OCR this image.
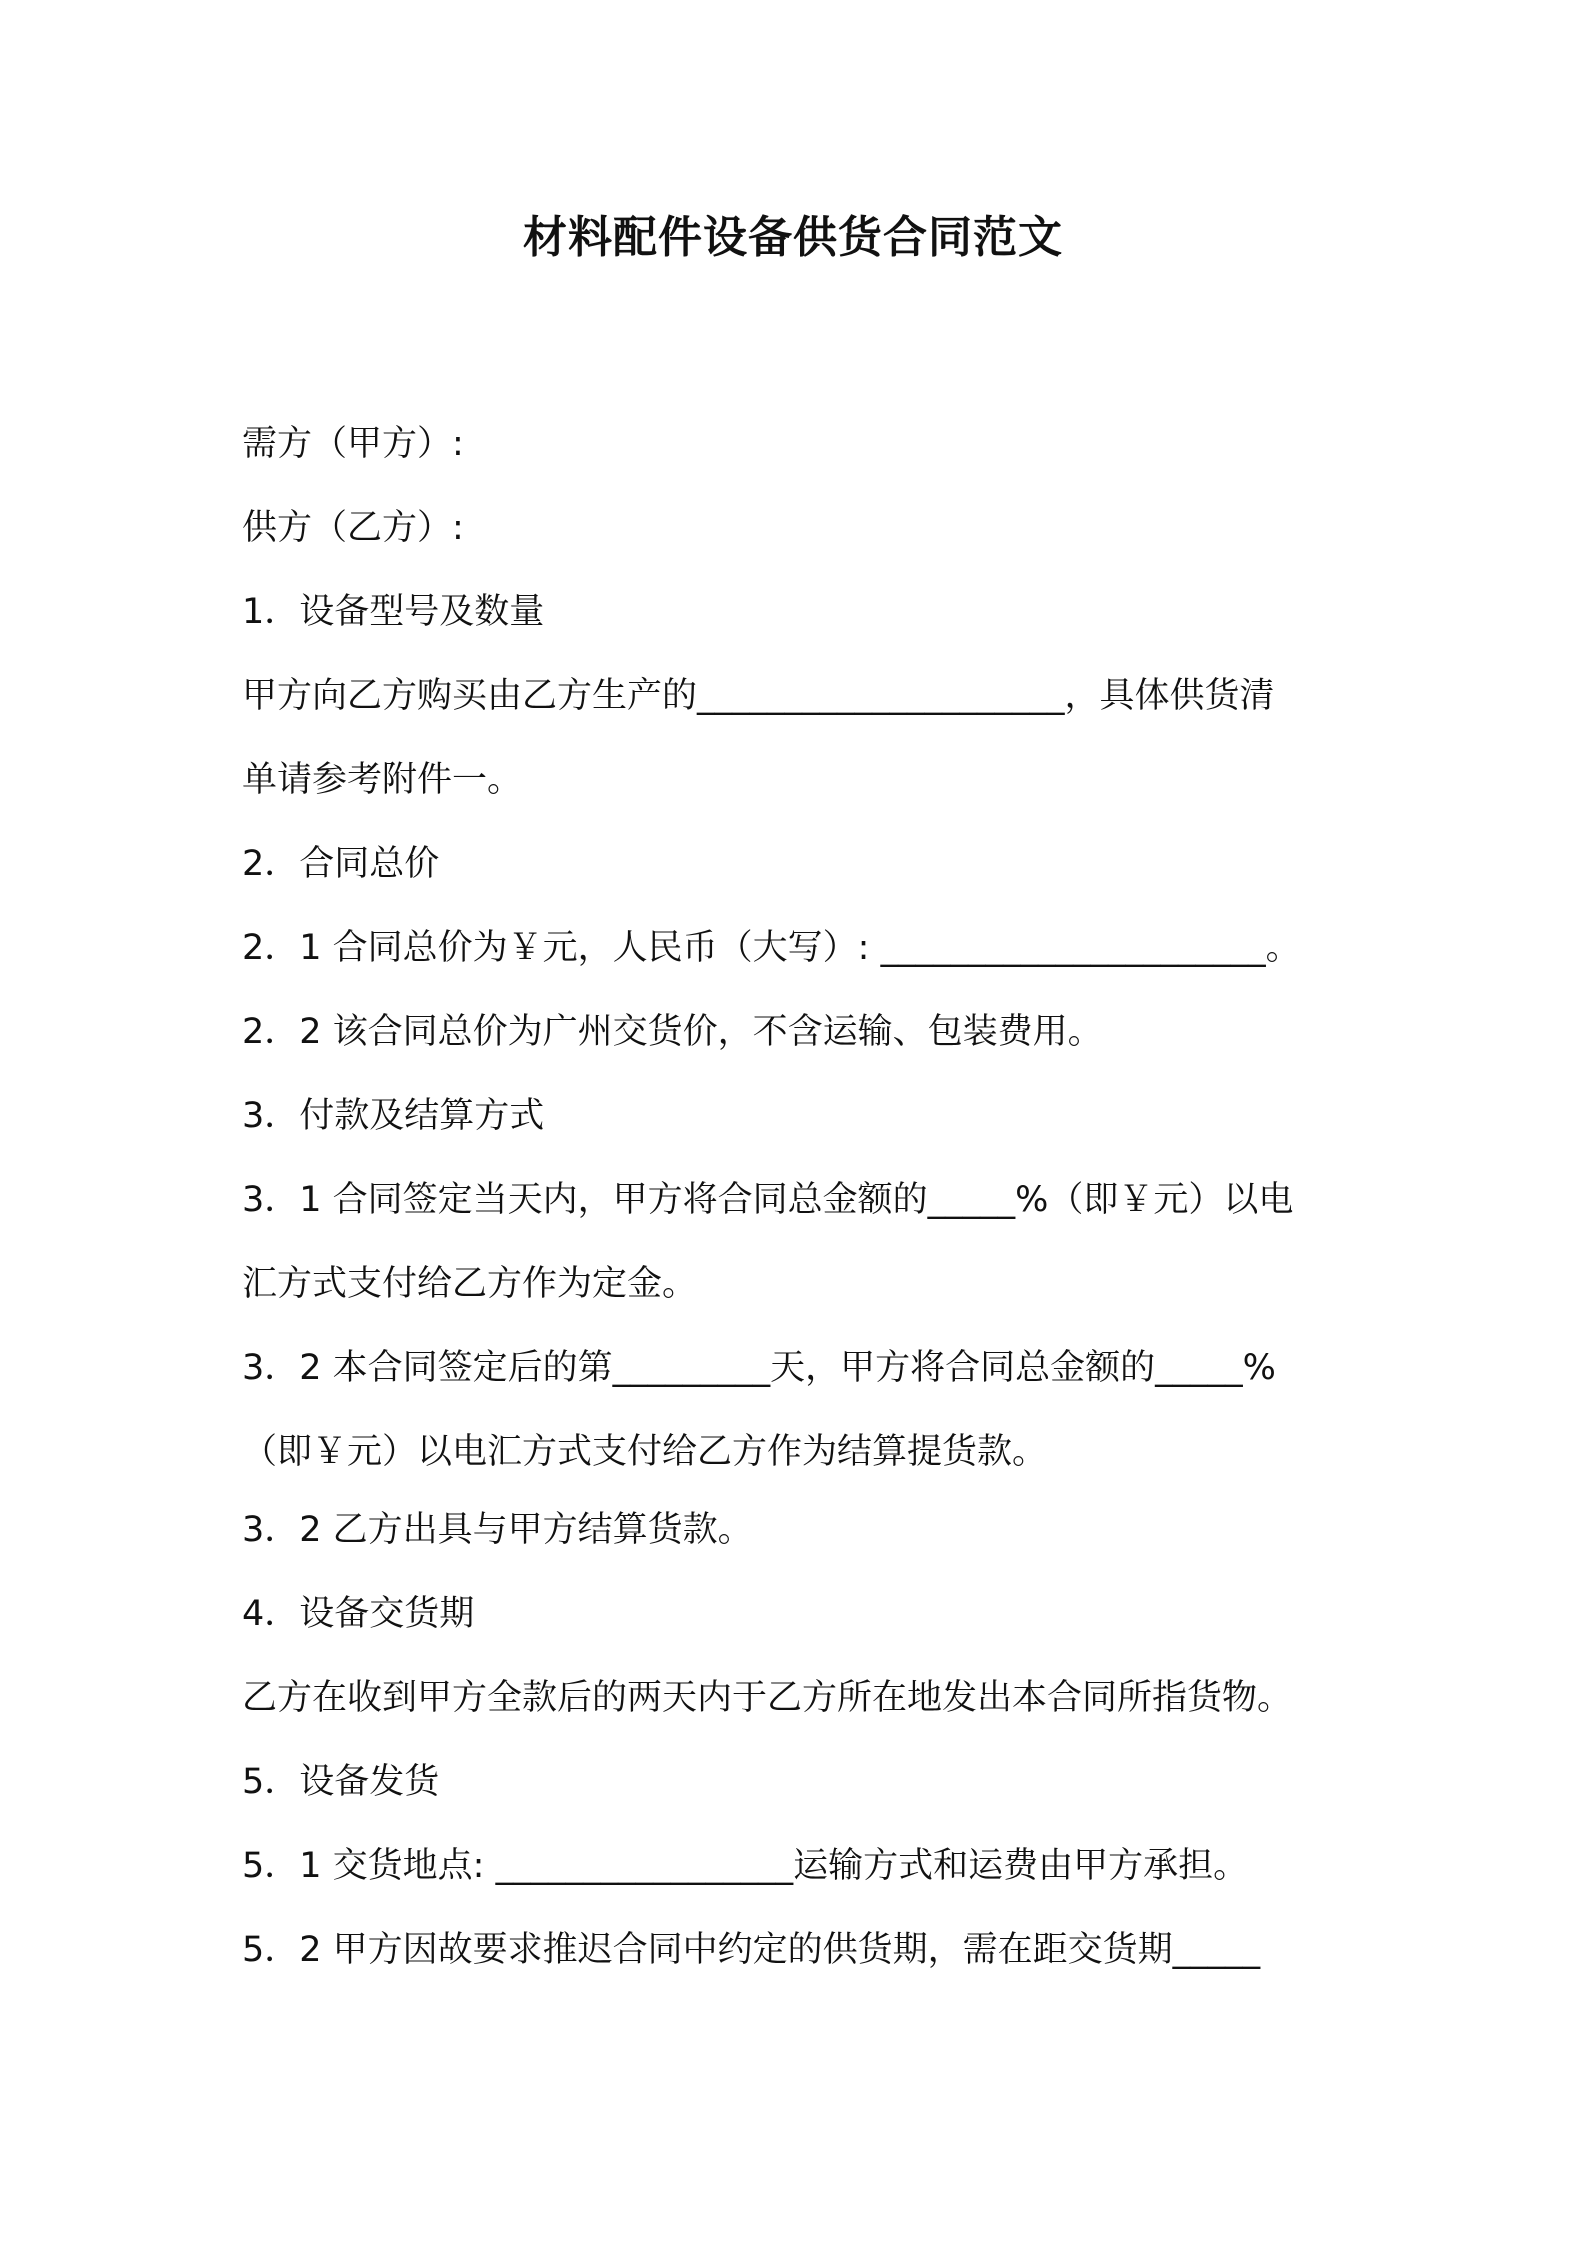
材料配件设备供货合同范文
需方（甲方）:
供方（乙方）:
1．设备型号及数量
甲方向乙方购买由乙方生产的_____________________，具体供货清
单请参考附件一。
2．合同总价
2．1 合同总价为￥元，人民币（大写）: ______________________。
2．2 该合同总价为广州交货价，不含运输、包装费用。
3．付款及结算方式
3．1 合同签定当天内，甲方将合同总金额的_____%（即￥元）以电
汇方式支付给乙方作为定金。
3．2 本合同签定后的第_________天，甲方将合同总金额的_____%
（即￥元）以电汇方式支付给乙方作为结算提货款。
3．2 乙方出具与甲方结算货款。
4．设备交货期
乙方在收到甲方全款后的两天内于乙方所在地发出本合同所指货物。
5．设备发货
5．1 交货地点: _________________运输方式和运费由甲方承担。
5．2 甲方因故要求推迟合同中约定的供货期，需在距交货期_____
